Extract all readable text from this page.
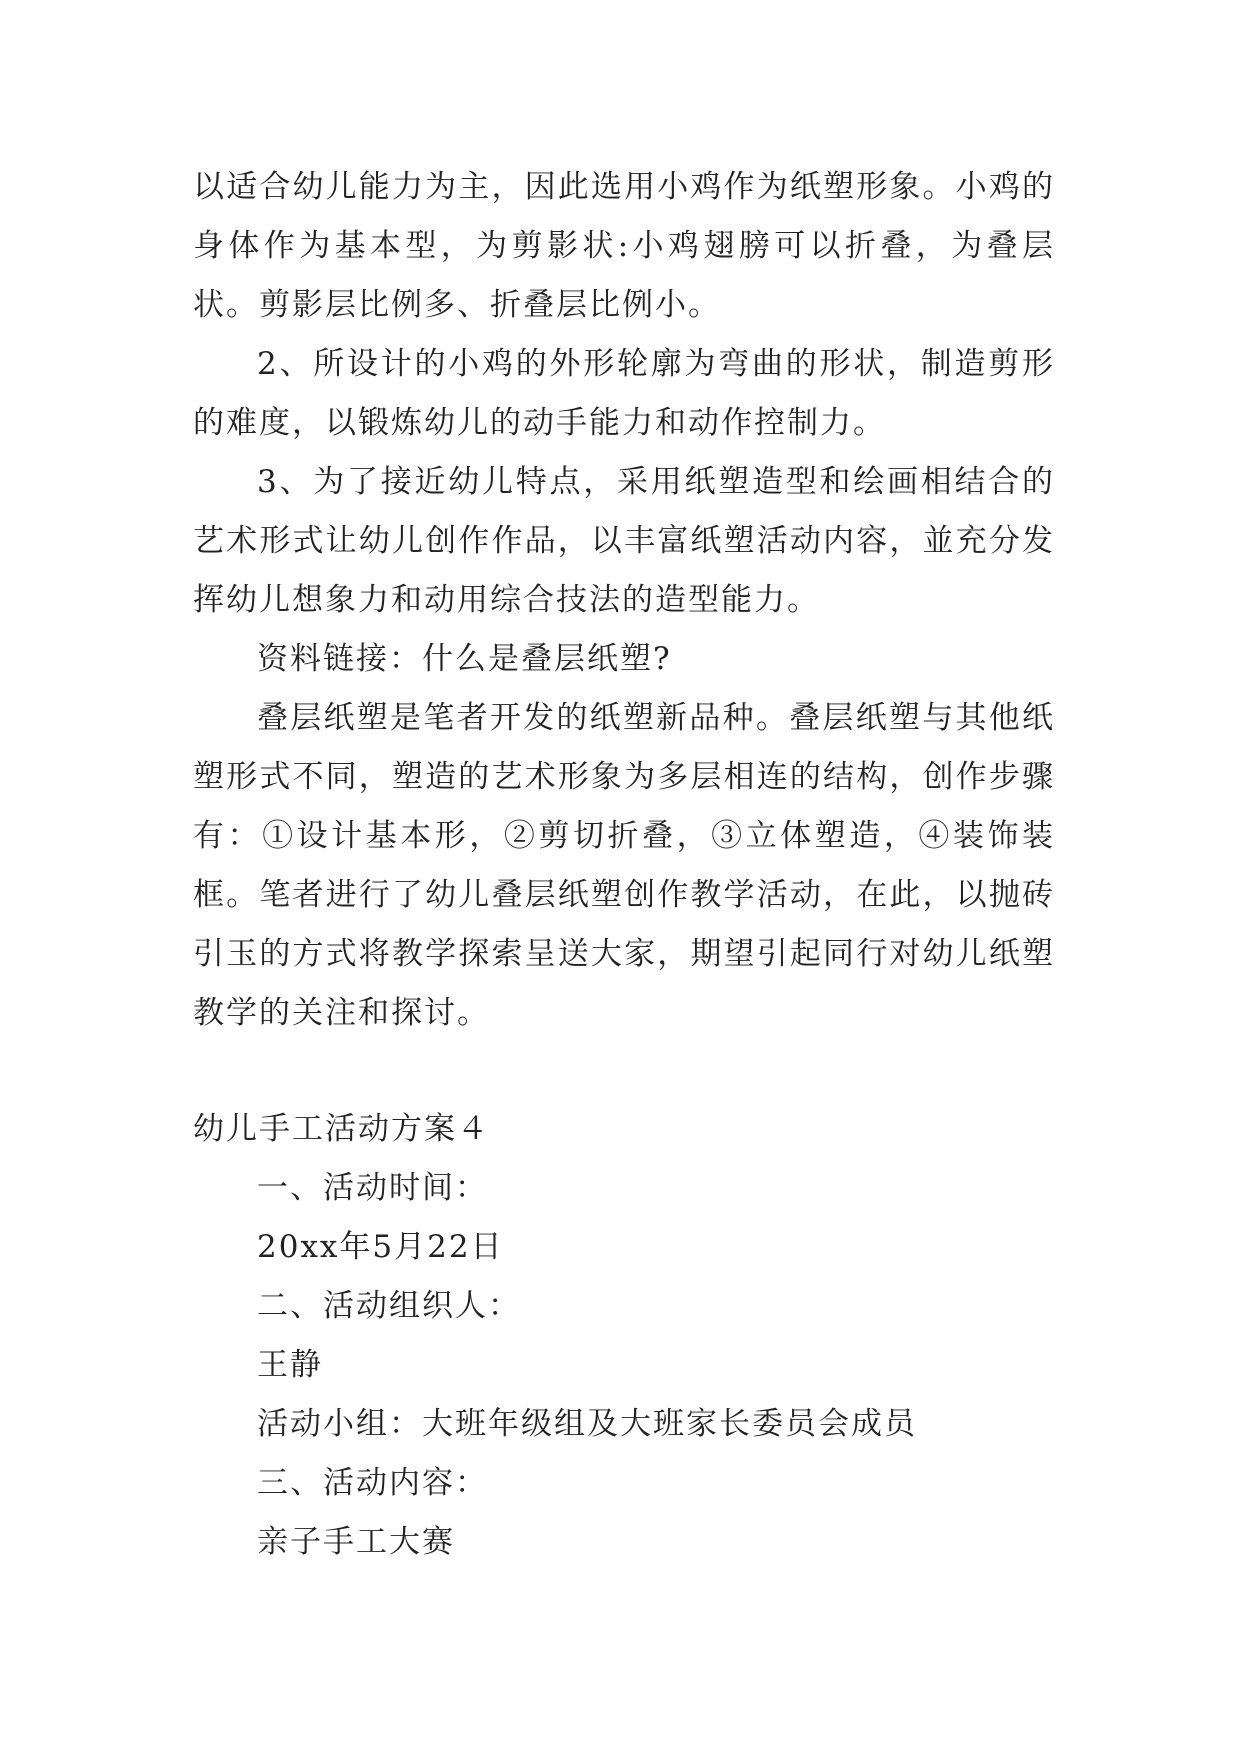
以适合幼儿能力为主，因此选用小鸡作为纸塑形象。小鸡的身体作为基本型，为剪影状:小鸡翅膀可以折叠，为叠层状。剪影层比例多、折叠层比例小。

2、所设计的小鸡的外形轮廓为弯曲的形状，制造剪形的难度，以锻炼幼儿的动手能力和动作控制力。

3、为了接近幼儿特点，采用纸塑造型和绘画相结合的艺术形式让幼儿创作作品，以丰富纸塑活动内容，並充分发挥幼儿想象力和动用综合技法的造型能力。

资料链接：什么是叠层纸塑?

叠层纸塑是笔者开发的纸塑新品种。叠层纸塑与其他纸塑形式不同，塑造的艺术形象为多层相连的结构，创作步骤有：①设计基本形，②剪切折叠，③立体塑造，④装饰装框。笔者进行了幼儿叠层纸塑创作教学活动，在此，以抛砖引玉的方式将教学探索呈送大家，期望引起同行对幼儿纸塑教学的关注和探讨。

幼儿手工活动方案４

一、活动时间：

20xx年5月22日

二、活动组织人：

王静

活动小组：大班年级组及大班家长委员会成员

三、活动内容：

亲子手工大赛
